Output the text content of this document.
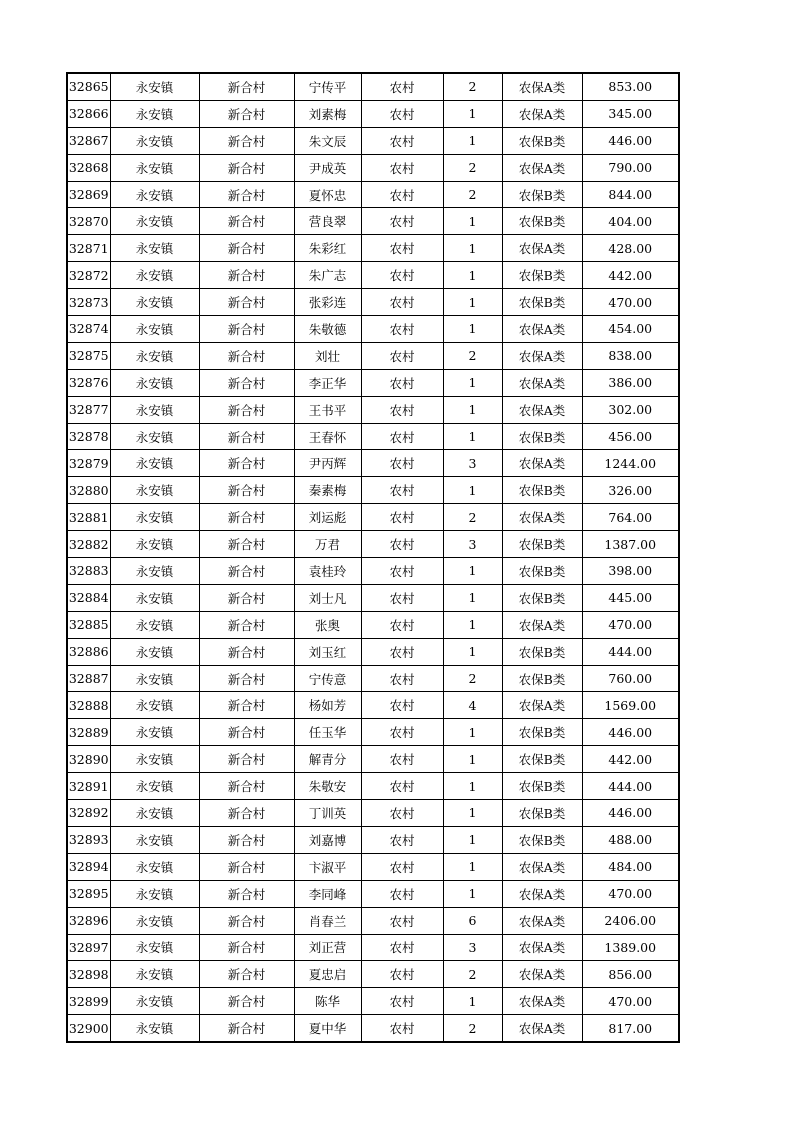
32865	永安镇	新合村	宁传平	农村	2	农保A类	853.00
32866	永安镇	新合村	刘素梅	农村	1	农保A类	345.00
32867	永安镇	新合村	朱文辰	农村	1	农保B类	446.00
32868	永安镇	新合村	尹成英	农村	2	农保A类	790.00
32869	永安镇	新合村	夏怀忠	农村	2	农保B类	844.00
32870	永安镇	新合村	营良翠	农村	1	农保B类	404.00
32871	永安镇	新合村	朱彩红	农村	1	农保A类	428.00
32872	永安镇	新合村	朱广志	农村	1	农保B类	442.00
32873	永安镇	新合村	张彩连	农村	1	农保B类	470.00
32874	永安镇	新合村	朱敬德	农村	1	农保A类	454.00
32875	永安镇	新合村	刘壮	农村	2	农保A类	838.00
32876	永安镇	新合村	李正华	农村	1	农保A类	386.00
32877	永安镇	新合村	王书平	农村	1	农保A类	302.00
32878	永安镇	新合村	王春怀	农村	1	农保B类	456.00
32879	永安镇	新合村	尹丙辉	农村	3	农保A类	1244.00
32880	永安镇	新合村	秦素梅	农村	1	农保B类	326.00
32881	永安镇	新合村	刘运彪	农村	2	农保A类	764.00
32882	永安镇	新合村	万君	农村	3	农保B类	1387.00
32883	永安镇	新合村	袁桂玲	农村	1	农保B类	398.00
32884	永安镇	新合村	刘士凡	农村	1	农保B类	445.00
32885	永安镇	新合村	张奥	农村	1	农保A类	470.00
32886	永安镇	新合村	刘玉红	农村	1	农保B类	444.00
32887	永安镇	新合村	宁传意	农村	2	农保B类	760.00
32888	永安镇	新合村	杨如芳	农村	4	农保A类	1569.00
32889	永安镇	新合村	任玉华	农村	1	农保B类	446.00
32890	永安镇	新合村	解青分	农村	1	农保B类	442.00
32891	永安镇	新合村	朱敬安	农村	1	农保B类	444.00
32892	永安镇	新合村	丁训英	农村	1	农保B类	446.00
32893	永安镇	新合村	刘嘉博	农村	1	农保B类	488.00
32894	永安镇	新合村	卞淑平	农村	1	农保A类	484.00
32895	永安镇	新合村	李同峰	农村	1	农保A类	470.00
32896	永安镇	新合村	肖春兰	农村	6	农保A类	2406.00
32897	永安镇	新合村	刘正营	农村	3	农保A类	1389.00
32898	永安镇	新合村	夏忠启	农村	2	农保A类	856.00
32899	永安镇	新合村	陈华	农村	1	农保A类	470.00
32900	永安镇	新合村	夏中华	农村	2	农保A类	817.00
